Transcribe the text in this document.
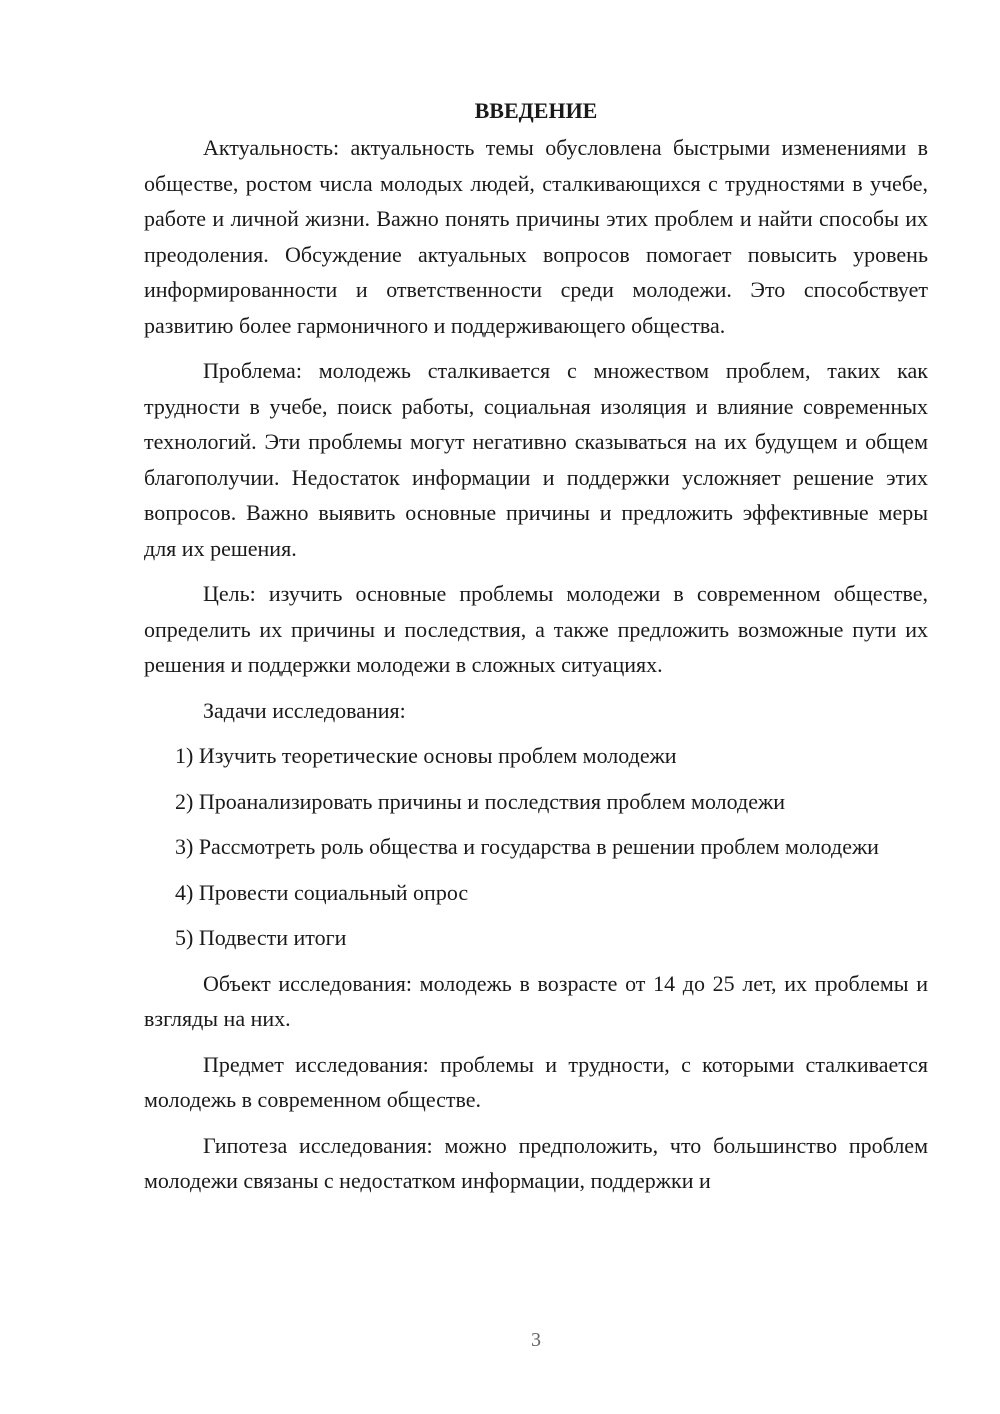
ВВЕДЕНИЕ

Актуальность: актуальность темы обусловлена быстрыми изменениями в обществе, ростом числа молодых людей, сталкивающихся с трудностями в учебе, работе и личной жизни. Важно понять причины этих проблем и найти способы их преодоления. Обсуждение актуальных вопросов помогает повысить уровень информированности и ответственности среди молодежи. Это способствует развитию более гармоничного и поддерживающего общества.

Проблема: молодежь сталкивается с множеством проблем, таких как трудности в учебе, поиск работы, социальная изоляция и влияние современных технологий. Эти проблемы могут негативно сказываться на их будущем и общем благополучии. Недостаток информации и поддержки усложняет решение этих вопросов. Важно выявить основные причины и предложить эффективные меры для их решения.

Цель: изучить основные проблемы молодежи в современном обществе, определить их причины и последствия, а также предложить возможные пути их решения и поддержки молодежи в сложных ситуациях.

Задачи исследования:

1) Изучить теоретические основы проблем молодежи

2) Проанализировать причины и последствия проблем молодежи

3) Рассмотреть роль общества и государства в решении проблем молодежи

4) Провести социальный опрос

5) Подвести итоги

Объект исследования: молодежь в возрасте от 14 до 25 лет, их проблемы и взгляды на них.

Предмет исследования: проблемы и трудности, с которыми сталкивается молодежь в современном обществе.

Гипотеза исследования: можно предположить, что большинство проблем молодежи связаны с недостатком информации, поддержки и

3
